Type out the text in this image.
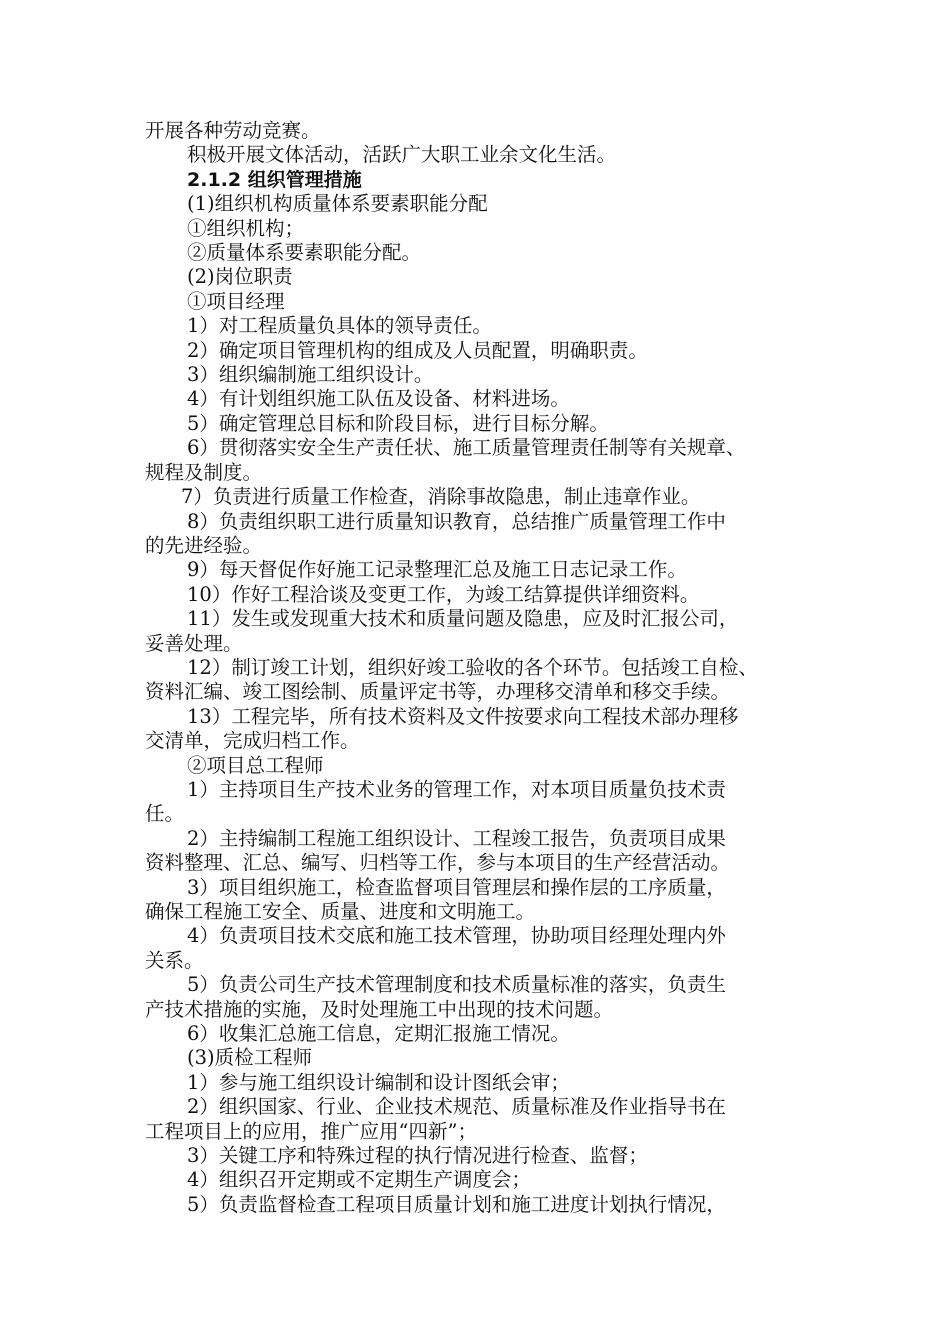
开展各种劳动竞赛。

积极开展文体活动，活跃广大职工业余文化生活。

2.1.2 组织管理措施

(1)组织机构质量体系要素职能分配

①组织机构；

②质量体系要素职能分配。

(2)岗位职责

①项目经理

1）对工程质量负具体的领导责任。

2）确定项目管理机构的组成及人员配置，明确职责。

3）组织编制施工组织设计。

4）有计划组织施工队伍及设备、材料进场。

5）确定管理总目标和阶段目标，进行目标分解。

6）贯彻落实安全生产责任状、施工质量管理责任制等有关规章、

规程及制度。

7）负责进行质量工作检查，消除事故隐患，制止违章作业。

8）负责组织职工进行质量知识教育，总结推广质量管理工作中

的先进经验。

9）每天督促作好施工记录整理汇总及施工日志记录工作。

10）作好工程洽谈及变更工作，为竣工结算提供详细资料。

11）发生或发现重大技术和质量问题及隐患，应及时汇报公司，

妥善处理。

12）制订竣工计划，组织好竣工验收的各个环节。包括竣工自检、

资料汇编、竣工图绘制、质量评定书等，办理移交清单和移交手续。

13）工程完毕，所有技术资料及文件按要求向工程技术部办理移

交清单，完成归档工作。

②项目总工程师

1）主持项目生产技术业务的管理工作，对本项目质量负技术责

任。

2）主持编制工程施工组织设计、工程竣工报告，负责项目成果

资料整理、汇总、编写、归档等工作，参与本项目的生产经营活动。

3）项目组织施工，检查监督项目管理层和操作层的工序质量，

确保工程施工安全、质量、进度和文明施工。

4）负责项目技术交底和施工技术管理，协助项目经理处理内外

关系。

5）负责公司生产技术管理制度和技术质量标准的落实，负责生

产技术措施的实施，及时处理施工中出现的技术问题。

6）收集汇总施工信息，定期汇报施工情况。

(3)质检工程师

1）参与施工组织设计编制和设计图纸会审；

2）组织国家、行业、企业技术规范、质量标准及作业指导书在

工程项目上的应用，推广应用“四新”；

3）关键工序和特殊过程的执行情况进行检查、监督；

4）组织召开定期或不定期生产调度会；

5）负责监督检查工程项目质量计划和施工进度计划执行情况，
